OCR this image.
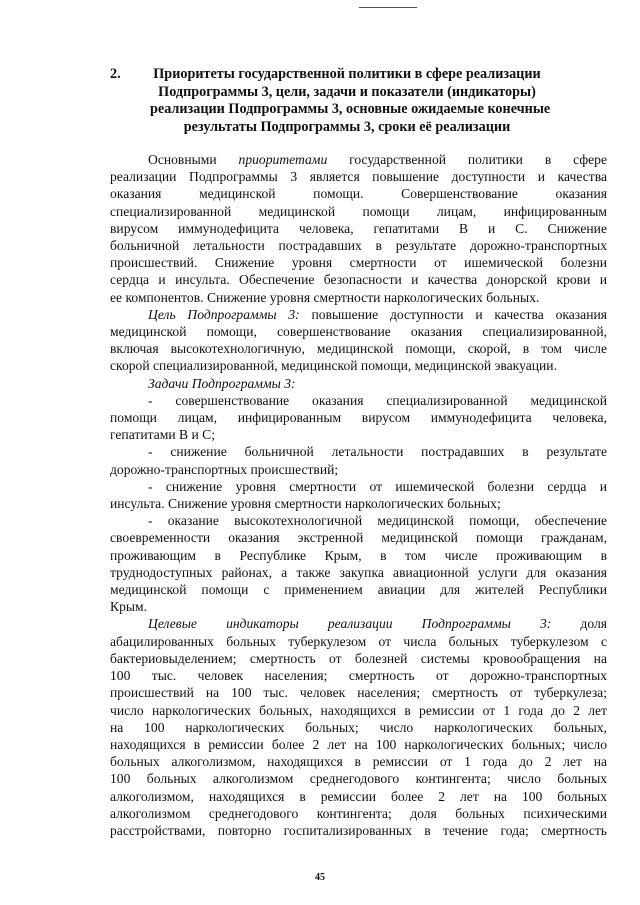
2. Приоритеты государственной политики в сфере реализации
Подпрограммы 3, цели, задачи и показатели (индикаторы)
реализации Подпрограммы 3, основные ожидаемые конечные
результаты Подпрограммы 3, сроки её реализации
Основными приоритетами государственной политики в сфере
реализации Подпрограммы 3 является повышение доступности и качества
оказания медицинской помощи. Совершенствование оказания
специализированной медицинской помощи лицам, инфицированным
вирусом иммунодефицита человека, гепатитами В и С. Снижение
больничной летальности пострадавших в результате дорожно-транспортных
происшествий. Снижение уровня смертности от ишемической болезни
сердца и инсульта. Обеспечение безопасности и качества донорской крови и
ее компонентов. Снижение уровня смертности наркологических больных.
Цель Подпрограммы 3: повышение доступности и качества оказания
медицинской помощи, совершенствование оказания специализированной,
включая высокотехнологичную, медицинской помощи, скорой, в том числе
скорой специализированной, медицинской помощи, медицинской эвакуации.
Задачи Подпрограммы 3:
- совершенствование оказания специализированной медицинской
помощи лицам, инфицированным вирусом иммунодефицита человека,
гепатитами В и С;
- снижение больничной летальности пострадавших в результате
дорожно-транспортных происшествий;
- снижение уровня смертности от ишемической болезни сердца и
инсульта. Снижение уровня смертности наркологических больных;
- оказание высокотехнологичной медицинской помощи, обеспечение
своевременности оказания экстренной медицинской помощи гражданам,
проживающим в Республике Крым, в том числе проживающим в
труднодоступных районах, а также закупка авиационной услуги для оказания
медицинской помощи с применением авиации для жителей Республики
Крым.
Целевые индикаторы реализации Подпрограммы 3: доля
абацилированных больных туберкулезом от числа больных туберкулезом с
бактериовыделением; смертность от болезней системы кровообращения на
100 тыс. человек населения; смертность от дорожно-транспортных
происшествий на 100 тыс. человек населения; смертность от туберкулеза;
число наркологических больных, находящихся в ремиссии от 1 года до 2 лет
на 100 наркологических больных; число наркологических больных,
находящихся в ремиссии более 2 лет на 100 наркологических больных; число
больных алкоголизмом, находящихся в ремиссии от 1 года до 2 лет на
100 больных алкоголизмом среднегодового контингента; число больных
алкоголизмом, находящихся в ремиссии более 2 лет на 100 больных
алкоголизмом среднегодового контингента; доля больных психическими
расстройствами, повторно госпитализированных в течение года; смертность
45
